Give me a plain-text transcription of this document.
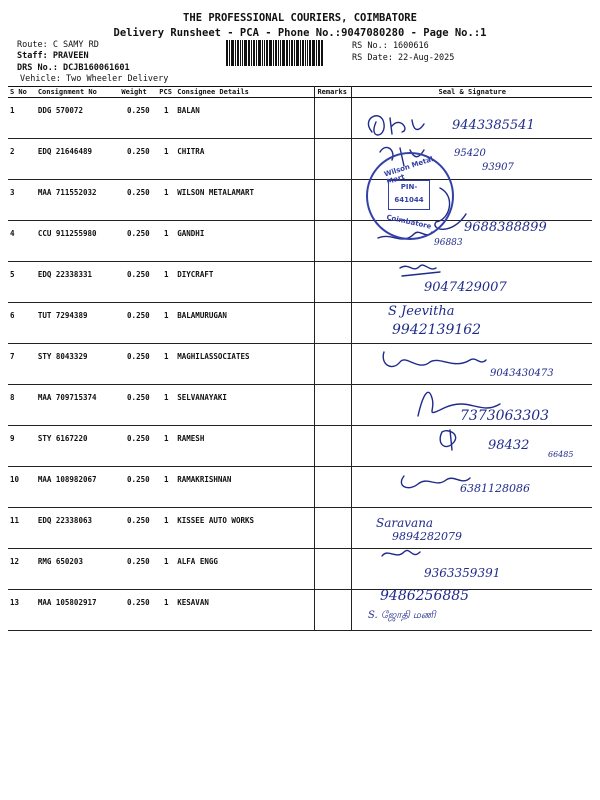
THE PROFESSIONAL COURIERS, COIMBATORE
Delivery Runsheet - PCA - Phone No.:9047080280 - Page No.:1
Route: C SAMY RD
Staff: PRAVEEN
DRS No.: DCJB160061601
Vehicle: Two Wheeler Delivery
RS No.: 1600616
RS Date: 22-Aug-2025
S No	Consignment No	Weight	PCS	Consignee Details	Remarks	Seal & Signature
1	DDG 570072	0.250	1	BALAN		
2	EDQ 21646489	0.250	1	CHITRA		
3	MAA 711552032	0.250	1	WILSON METALAMART		
4	CCU 911255980	0.250	1	GANDHI		
5	EDQ 22338331	0.250	1	DIYCRAFT		
6	TUT 7294389	0.250	1	BALAMURUGAN		
7	STY 8043329	0.250	1	MAGHILASSOCIATES		
8	MAA 709715374	0.250	1	SELVANAYAKI		
9	STY 6167220	0.250	1	RAMESH		
10	MAA 108982067	0.250	1	RAMAKRISHNAN		
11	EDQ 22338063	0.250	1	KISSEE AUTO WORKS		
12	RMG 650203	0.250	1	ALFA ENGG		
13	MAA 105802917	0.250	1	KESAVAN		
Wilson Metal Mart
PIN-
641044
Coimbatore
9443385541
95420
93907
9688388899
96883
9047429007
S Jeevitha
9942139162
9043430473
7373063303
98432
66485
6381128086
Saravana
9894282079
9363359391
9486256885
S. ஜோதி மணி
